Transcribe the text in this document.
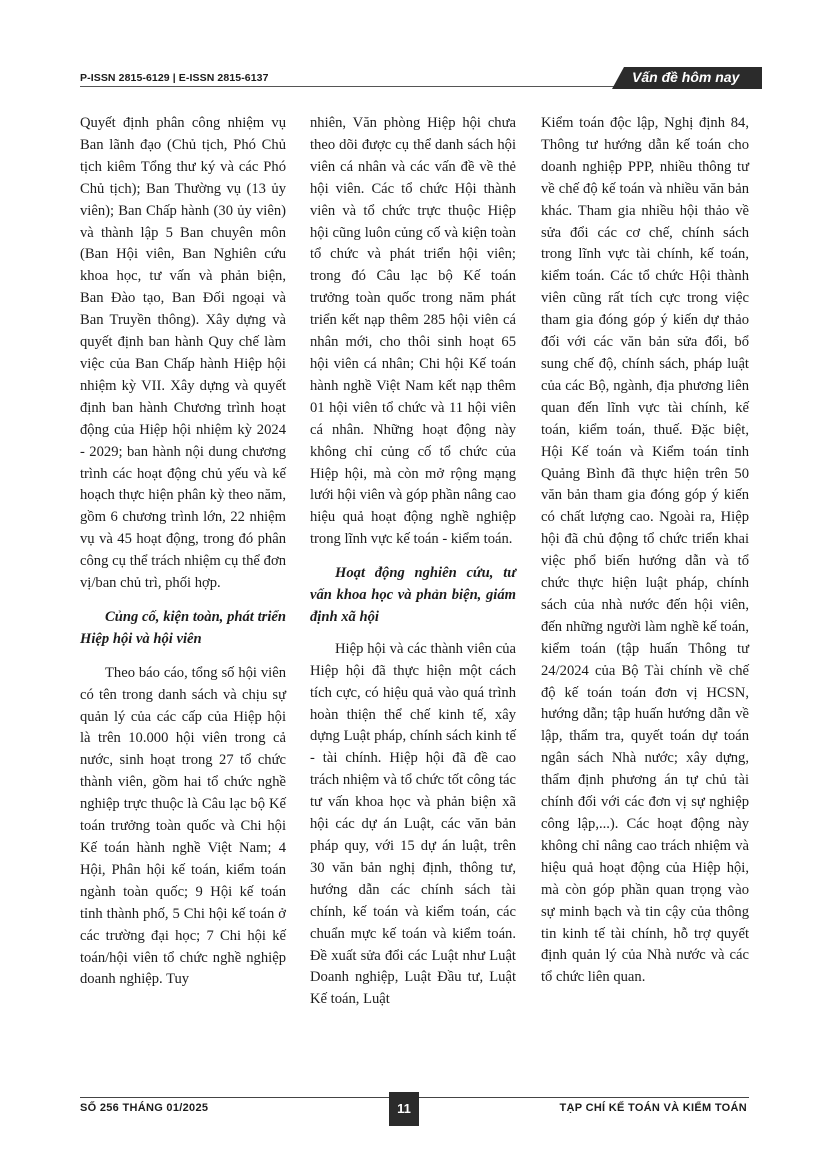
P-ISSN 2815-6129 | E-ISSN 2815-6137	Vấn đề hôm nay

Quyết định phân công nhiệm vụ Ban lãnh đạo (Chủ tịch, Phó Chủ tịch kiêm Tổng thư ký và các Phó Chủ tịch); Ban Thường vụ (13 ủy viên); Ban Chấp hành (30 ủy viên) và thành lập 5 Ban chuyên môn (Ban Hội viên, Ban Nghiên cứu khoa học, tư vấn và phản biện, Ban Đào tạo, Ban Đối ngoại và Ban Truyền thông). Xây dựng và quyết định ban hành Quy chế làm việc của Ban Chấp hành Hiệp hội nhiệm kỳ VII. Xây dựng và quyết định ban hành Chương trình hoạt động của Hiệp hội nhiệm kỳ 2024 - 2029; ban hành nội dung chương trình các hoạt động chủ yếu và kế hoạch thực hiện phân kỳ theo năm, gồm 6 chương trình lớn, 22 nhiệm vụ và 45 hoạt động, trong đó phân công cụ thể trách nhiệm cụ thể đơn vị/ban chủ trì, phối hợp.

Củng cố, kiện toàn, phát triển Hiệp hội và hội viên

Theo báo cáo, tổng số hội viên có tên trong danh sách và chịu sự quản lý của các cấp của Hiệp hội là trên 10.000 hội viên trong cả nước, sinh hoạt trong 27 tổ chức thành viên, gồm hai tổ chức nghề nghiệp trực thuộc là Câu lạc bộ Kế toán trưởng toàn quốc và Chi hội Kế toán hành nghề Việt Nam; 4 Hội, Phân hội kế toán, kiểm toán ngành toàn quốc; 9 Hội kế toán tỉnh thành phố, 5 Chi hội kế toán ở các trường đại học; 7 Chi hội kế toán/hội viên tổ chức nghề nghiệp doanh nghiệp. Tuy

nhiên, Văn phòng Hiệp hội chưa theo dõi được cụ thể danh sách hội viên cá nhân và các vấn đề về thẻ hội viên. Các tổ chức Hội thành viên và tổ chức trực thuộc Hiệp hội cũng luôn củng cố và kiện toàn tổ chức và phát triển hội viên; trong đó Câu lạc bộ Kế toán trưởng toàn quốc trong năm phát triển kết nạp thêm 285 hội viên cá nhân mới, cho thôi sinh hoạt 65 hội viên cá nhân; Chi hội Kế toán hành nghề Việt Nam kết nạp thêm 01 hội viên tổ chức và 11 hội viên cá nhân. Những hoạt động này không chỉ củng cố tổ chức của Hiệp hội, mà còn mở rộng mạng lưới hội viên và góp phần nâng cao hiệu quả hoạt động nghề nghiệp trong lĩnh vực kế toán - kiểm toán.

Hoạt động nghiên cứu, tư vấn khoa học và phản biện, giám định xã hội

Hiệp hội và các thành viên của Hiệp hội đã thực hiện một cách tích cực, có hiệu quả vào quá trình hoàn thiện thể chế kinh tế, xây dựng Luật pháp, chính sách kinh tế - tài chính. Hiệp hội đã đề cao trách nhiệm và tổ chức tốt công tác tư vấn khoa học và phản biện xã hội các dự án Luật, các văn bản pháp quy, với 15 dự án luật, trên 30 văn bản nghị định, thông tư, hướng dẫn các chính sách tài chính, kế toán và kiểm toán, các chuẩn mực kế toán và kiểm toán. Đề xuất sửa đổi các Luật như Luật Doanh nghiệp, Luật Đầu tư, Luật Kế toán, Luật

Kiểm toán độc lập, Nghị định 84, Thông tư hướng dẫn kế toán cho doanh nghiệp PPP, nhiều thông tư về chế độ kế toán và nhiều văn bản khác. Tham gia nhiều hội thảo về sửa đổi các cơ chế, chính sách trong lĩnh vực tài chính, kế toán, kiểm toán. Các tổ chức Hội thành viên cũng rất tích cực trong việc tham gia đóng góp ý kiến dự thảo đối với các văn bản sửa đổi, bổ sung chế độ, chính sách, pháp luật của các Bộ, ngành, địa phương liên quan đến lĩnh vực tài chính, kế toán, kiểm toán, thuế. Đặc biệt, Hội Kế toán và Kiểm toán tỉnh Quảng Bình đã thực hiện trên 50 văn bản tham gia đóng góp ý kiến có chất lượng cao. Ngoài ra, Hiệp hội đã chủ động tổ chức triển khai việc phổ biến hướng dẫn và tổ chức thực hiện luật pháp, chính sách của nhà nước đến hội viên, đến những người làm nghề kế toán, kiểm toán (tập huấn Thông tư 24/2024 của Bộ Tài chính về chế độ kế toán toán đơn vị HCSN, hướng dẫn; tập huấn hướng dẫn về lập, thẩm tra, quyết toán dự toán ngân sách Nhà nước; xây dựng, thẩm định phương án tự chủ tài chính đối với các đơn vị sự nghiệp công lập,...). Các hoạt động này không chỉ nâng cao trách nhiệm và hiệu quả hoạt động của Hiệp hội, mà còn góp phần quan trọng vào sự minh bạch và tin cậy của thông tin kinh tế tài chính, hỗ trợ quyết định quản lý của Nhà nước và các tổ chức liên quan.

SỐ 256 THÁNG 01/2025	11	TẠP CHÍ KẾ TOÁN VÀ KIỂM TOÁN
